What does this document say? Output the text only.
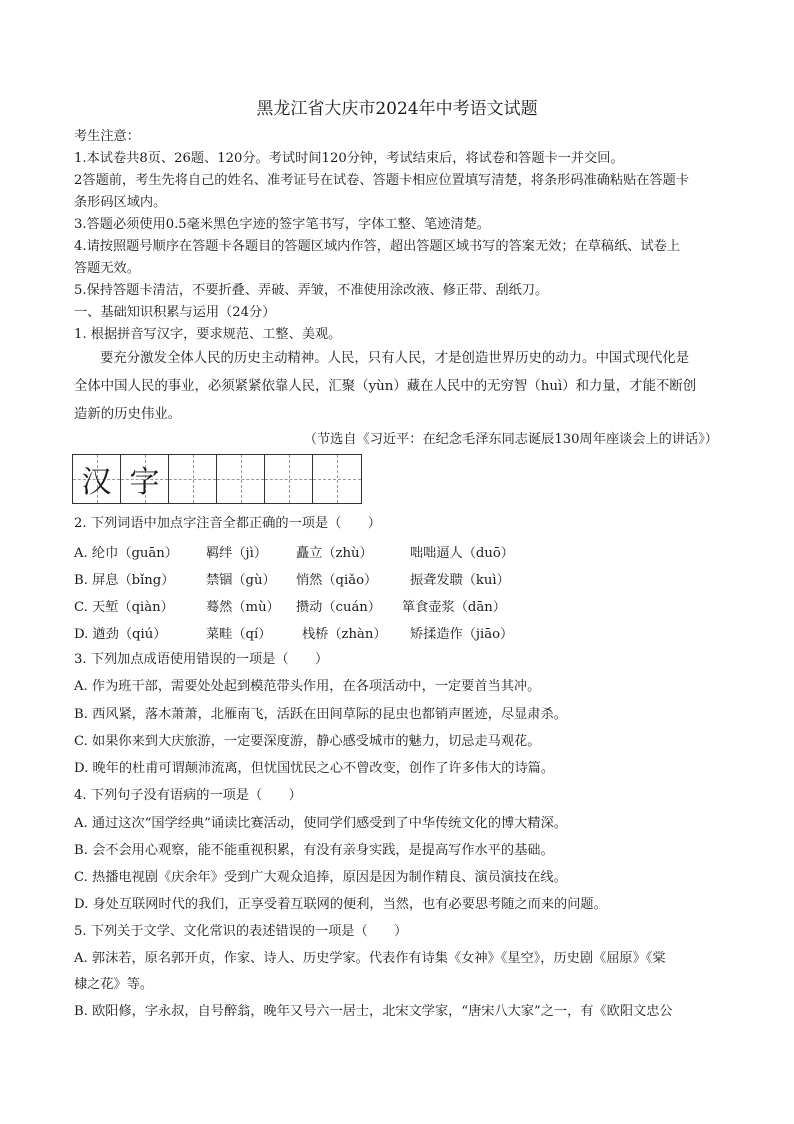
黑龙江省大庆市2024年中考语文试题
考生注意：
1.本试卷共8页、26题、120分。考试时间120分钟，考试结束后，将试卷和答题卡一并交回。
2答题前，考生先将自己的姓名、准考证号在试卷、答题卡相应位置填写清楚，将条形码准确粘贴在答题卡
条形码区域内。
3.答题必须使用0.5毫米黑色字迹的签字笔书写，字体工整、笔迹清楚。
4.请按照题号顺序在答题卡各题目的答题区域内作答，超出答题区域书写的答案无效；在草稿纸、试卷上
答题无效。
5.保持答题卡清洁，不要折叠、弄破、弄皱，不准使用涂改液、修正带、刮纸刀。
一、基础知识积累与运用（24分）
1. 根据拼音写汉字，要求规范、工整、美观。
要充分激发全体人民的历史主动精神。人民，只有人民，才是创造世界历史的动力。中国式现代化是
全体中国人民的事业，必须紧紧依靠人民，汇聚（yùn）藏在人民中的无穷智（huì）和力量，才能不断创
造新的历史伟业。
（节选自《习近平：在纪念毛泽东同志诞辰130周年座谈会上的讲话》）
汉 字
2. 下列词语中加点字注音全都正确的一项是（　　）
A. 纶巾（guān） 羁绊（jì） 矗立（zhù）	咄咄逼人（duō）
B. 屏息（bǐng） 禁锢（gù） 悄然（qiǎo） 振聋发聩（kuì）
C. 天堑（qiàn） 蓦然（mù） 攒动（cuán） 箪食壶浆（dān）
D. 遒劲（qiú）	菜畦（qí） 栈桥（zhàn） 矫揉造作（jiāo）
3. 下列加点成语使用错误的一项是（　　）
A. 作为班干部，需要处处起到模范带头作用，在各项活动中，一定要首当其冲。
B. 西风紧，落木萧萧，北雁南飞，活跃在田间草际的昆虫也都销声匿迹，尽显肃杀。
C. 如果你来到大庆旅游，一定要深度游，静心感受城市的魅力，切忌走马观花。
D. 晚年的杜甫可谓颠沛流离，但忧国忧民之心不曾改变，创作了许多伟大的诗篇。
4. 下列句子没有语病的一项是（　　）
A. 通过这次“国学经典”诵读比赛活动，使同学们感受到了中华传统文化的博大精深。
B. 会不会用心观察，能不能重视积累，有没有亲身实践，是提高写作水平的基础。
C. 热播电视剧《庆余年》受到广大观众追捧，原因是因为制作精良、演员演技在线。
D. 身处互联网时代的我们，正享受着互联网的便利，当然，也有必要思考随之而来的问题。
5. 下列关于文学、文化常识的表述错误的一项是（　　）
A. 郭沫若，原名郭开贞，作家、诗人、历史学家。代表作有诗集《女神》《星空》，历史剧《屈原》《棠
棣之花》等。
B. 欧阳修，字永叔，自号醉翁，晚年又号六一居士，北宋文学家，“唐宋八大家”之一，有《欧阳文忠公
